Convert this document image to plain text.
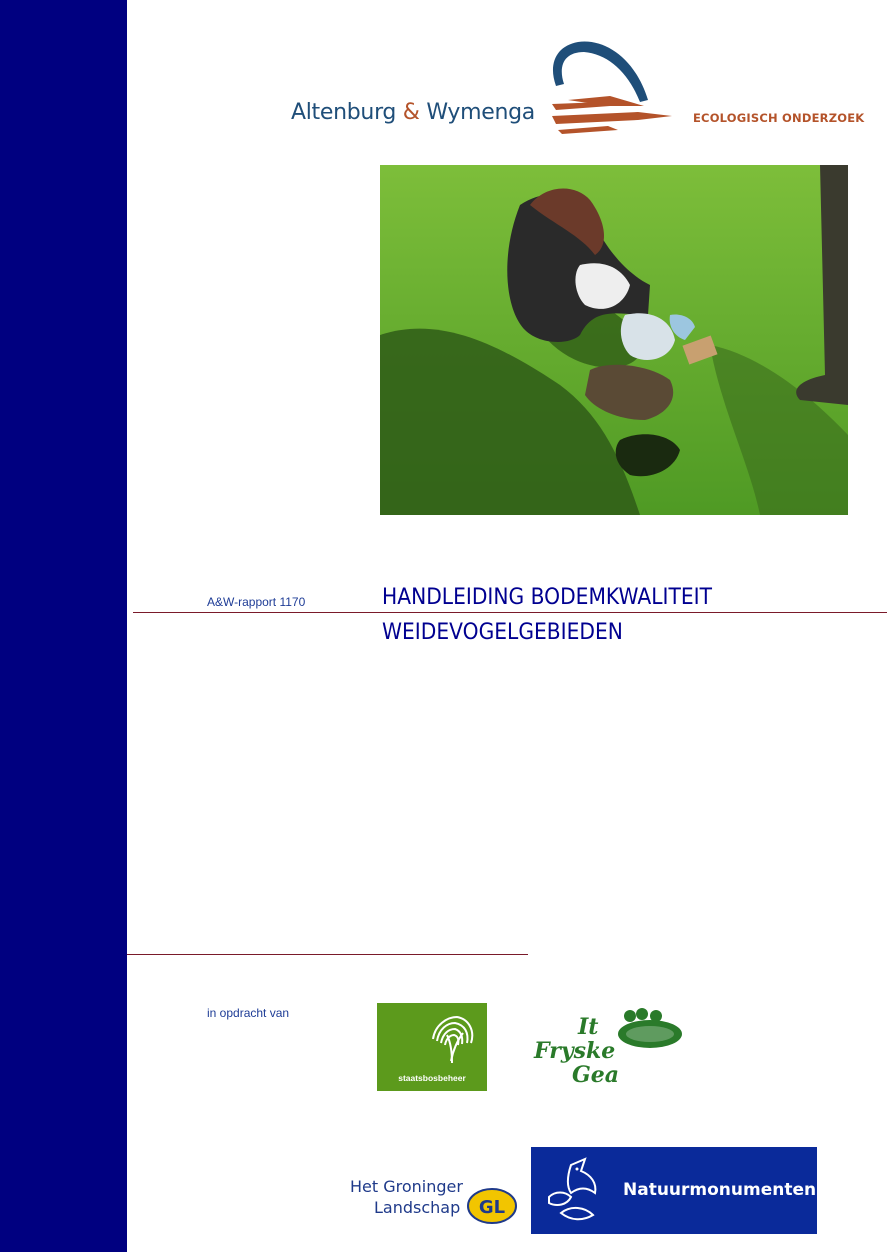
Altenburg & Wymenga	ECOLOGISCH ONDERZOEK
A&W-rapport 1170	HANDLEIDING BODEMKWALITEIT
WEIDEVOGELGEBIEDEN
in opdracht van
staatsbosbeheer
It
Fryske
Gea
Het Groninger
Landschap GL
Natuurmonumenten
